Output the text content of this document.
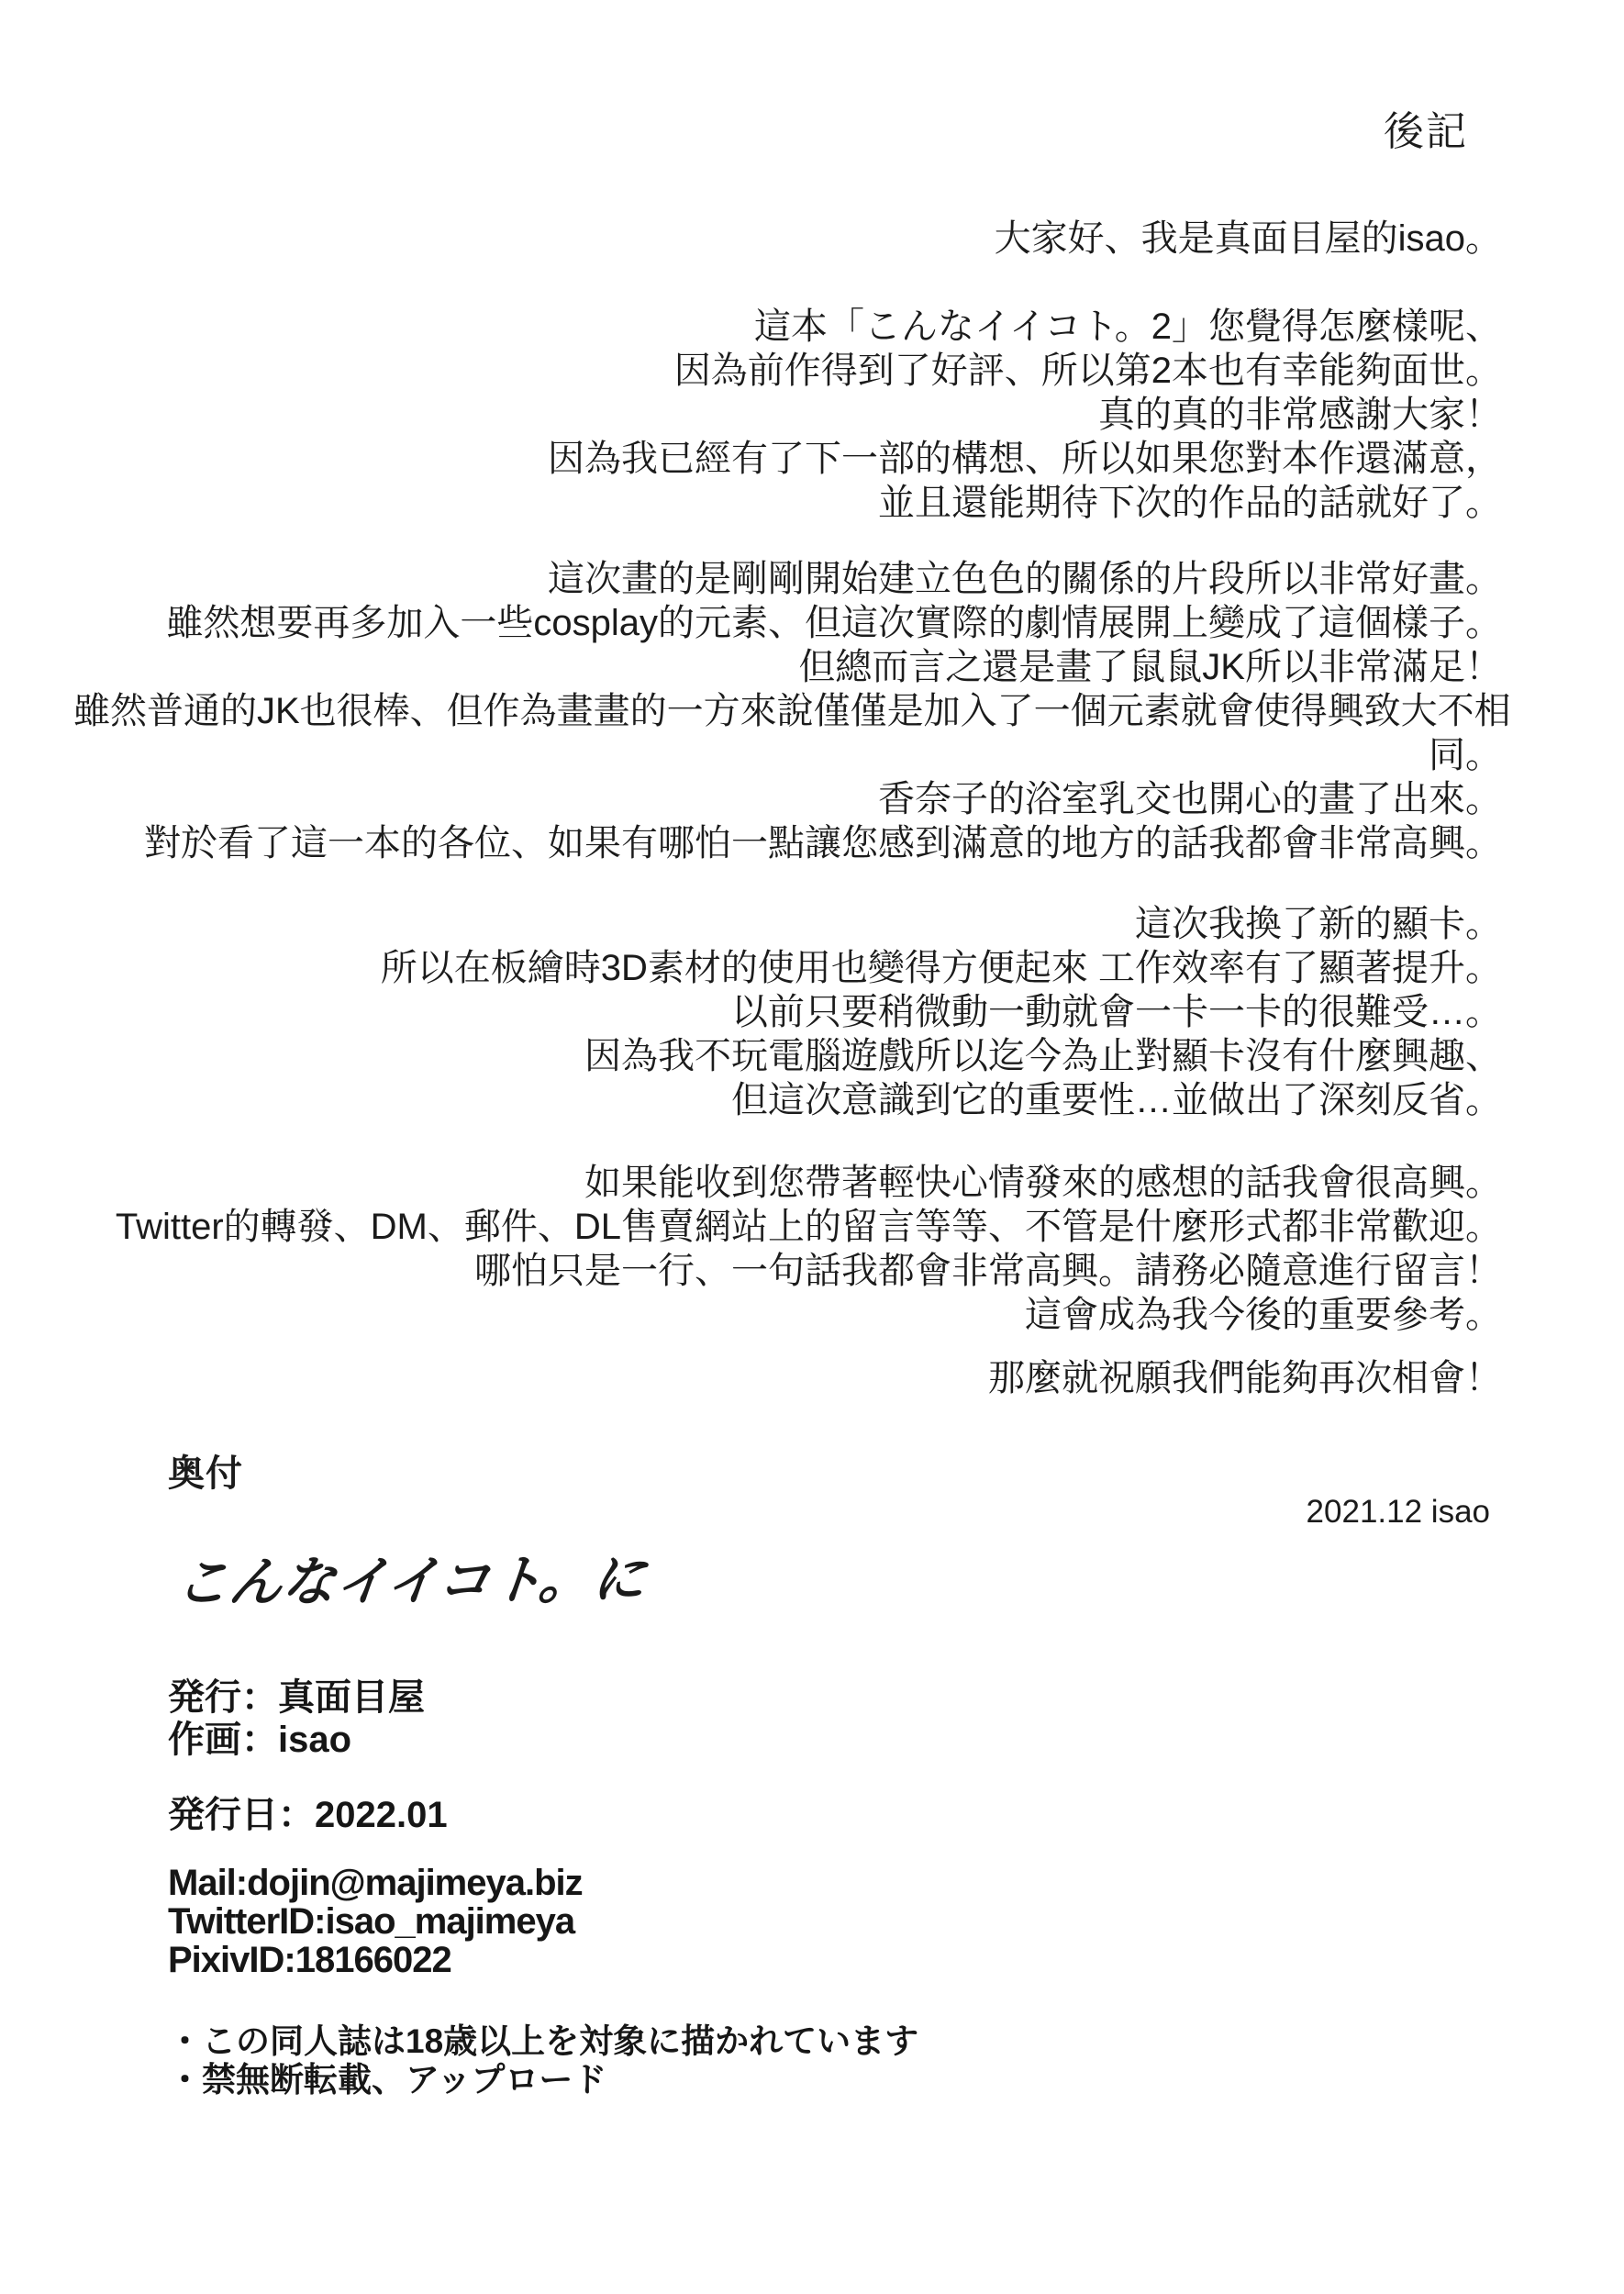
後記
大家好、我是真面目屋的isao。
這本「こんなイイコト。2」您覺得怎麼樣呢、
因為前作得到了好評、所以第2本也有幸能夠面世。
真的真的非常感謝大家！
因為我已經有了下一部的構想、所以如果您對本作還滿意，
並且還能期待下次的作品的話就好了。
這次畫的是剛剛開始建立色色的關係的片段所以非常好畫。
雖然想要再多加入一些cosplay的元素、但這次實際的劇情展開上變成了這個樣子。
但總而言之還是畫了鼠鼠JK所以非常滿足！
雖然普通的JK也很棒、但作為畫畫的一方來說僅僅是加入了一個元素就會使得興致大不相
同。
香奈子的浴室乳交也開心的畫了出來。
對於看了這一本的各位、如果有哪怕一點讓您感到滿意的地方的話我都會非常高興。
這次我換了新的顯卡。
所以在板繪時3D素材的使用也變得方便起來 工作效率有了顯著提升。
以前只要稍微動一動就會一卡一卡的很難受…。
因為我不玩電腦遊戲所以迄今為止對顯卡沒有什麼興趣、
但這次意識到它的重要性…並做出了深刻反省。
如果能收到您帶著輕快心情發來的感想的話我會很高興。
Twitter的轉發、DM、郵件、DL售賣網站上的留言等等、不管是什麼形式都非常歡迎。
哪怕只是一行、一句話我都會非常高興。請務必隨意進行留言！
這會成為我今後的重要參考。
那麼就祝願我們能夠再次相會！
奥付
2021.12 isao
こんなイイコト。に
発行：真面目屋
作画：isao
発行日：2022.01
Mail:dojin@majimeya.biz
TwitterID:isao_majimeya
PixivID:18166022
・この同人誌は18歳以上を対象に描かれています
・禁無断転載、アップロード
